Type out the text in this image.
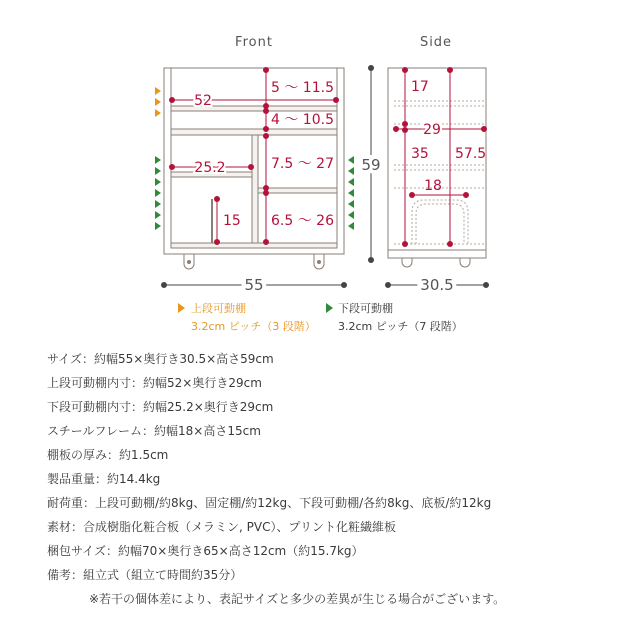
Front	Side
52
5 ～ 11.5
4 ～ 10.5
25.2	7.5 ～ 27
15 6.5 ～ 26
55
59
17
29
35 57.5
18
30.5
上段可動棚
3.2cm ピッチ（3 段階）
下段可動棚
3.2cm ピッチ（7 段階）
サイズ：約幅55×奥行き30.5×高さ59cm
上段可動棚内寸：約幅52×奥行き29cm
下段可動棚内寸：約幅25.2×奥行き29cm
スチールフレーム：約幅18×高さ15cm
棚板の厚み：約1.5cm
製品重量：約14.4kg
耐荷重：上段可動棚/約8kg、固定棚/約12kg、下段可動棚/各約8kg、底板/約12kg
素材：合成樹脂化粧合板（メラミン, PVC）、プリント化粧繊維板
梱包サイズ：約幅70×奥行き65×高さ12cm（約15.7kg）
備考：組立式（組立て時間約35分）
※若干の個体差により、表記サイズと多少の差異が生じる場合がございます。
